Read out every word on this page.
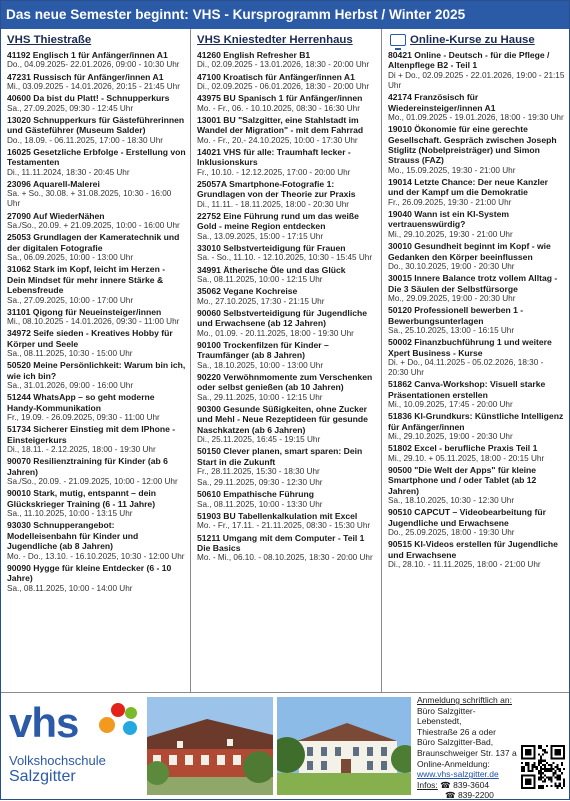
Das neue Semester beginnt: VHS - Kursprogramm Herbst / Winter 2025
VHS Thiestraße
41192 Englisch 1 für Anfänger/innen A1
Do., 04.09.2025- 22.01.2026, 09:00 - 10:30 Uhr
47231 Russisch für Anfänger/innen A1
Mi., 03.09.2025 - 14.01.2026, 20:15 - 21:45 Uhr
40600 Da bist du Platt! - Schnupperkurs
Sa., 27.09.2025, 09:30 - 12:45 Uhr
13020 Schnupperkurs für Gästeführerinnen und Gästeführer (Museum Salder)
Do., 18.09. - 06.11.2025, 17:00 - 18:30 Uhr
16025 Gesetzliche Erbfolge - Erstellung von Testamenten
Di., 11.11.2024, 18:30 - 20:45 Uhr
23096 Aquarell-Malerei
Sa. + So., 30.08. + 31.08.2025, 10:30 - 16:00 Uhr
27090 Auf WiederNähen
Sa./So., 20.09. + 21.09.2025, 10:00 - 16:00 Uhr
25053 Grundlagen der Kameratechnik und der digitalen Fotografie
Sa., 06.09.2025, 10:00 - 13:00 Uhr
31062 Stark im Kopf, leicht im Herzen - Dein Mindset für mehr innere Stärke & Lebensfreude
Sa., 27.09.2025, 10:00 - 17:00 Uhr
31101 Qigong für Neueinsteiger/innen
Mi., 08.10.2025 - 14.01.2026, 09:30 - 11:00 Uhr
34972 Seife sieden - Kreatives Hobby für Körper und Seele
Sa., 08.11.2025, 10:30 - 15:00 Uhr
50520 Meine Persönlichkeit: Warum bin ich, wie ich bin?
Sa., 31.01.2026, 09:00 - 16:00 Uhr
51244 WhatsApp – so geht moderne Handy-Kommunikation
Fr., 19.09. - 26.09.2025, 09:30 - 11:00 Uhr
51734 Sicherer Einstieg mit dem IPhone - Einsteigerkurs
Di., 18.11. - 2.12.2025, 18:00 - 19:30 Uhr
90070 Resilienztraining für Kinder (ab 6 Jahren)
Sa./So., 20.09. - 21.09.2025, 10:00 - 12:00 Uhr
90010 Stark, mutig, entspannt – dein Glückskrieger Training (6 - 11 Jahre)
Sa., 11.10.2025, 10:00 - 13:15 Uhr
93030 Schnupperangebot: Modelleisenbahn für Kinder und Jugendliche (ab 8 Jahren)
Mo. - Do., 13.10. - 16.10.2025, 10:30 - 12:00 Uhr
90090 Hygge für kleine Entdecker (6 - 10 Jahre)
Sa., 08.11.2025, 10:00 - 14:00 Uhr
VHS Kniestedter Herrenhaus
41260 English Refresher B1
Di., 02.09.2025 - 13.01.2026, 18:30 - 20:00 Uhr
47100 Kroatisch für Anfänger/innen A1
Di., 02.09.2025 - 06.01.2026, 18:30 - 20:00 Uhr
43975 BU Spanisch 1 für Anfänger/innen
Mo. - Fr., 06. - 10.10.2025, 08:30 - 16:30 Uhr
13001 BU "Salzgitter, eine Stahlstadt im Wandel der Migration" - mit dem Fahrrad
Mo. - Fr., 20.- 24.10.2025, 10:00 - 17:30 Uhr
14021 VHS für alle: Traumhaft lecker - Inklusionskurs
Fr., 10.10. - 12.12.2025, 17:00 - 20:00 Uhr
25057A Smartphone-Fotografie 1: Grundlagen von der Theorie zur Praxis
Di., 11.11. - 18.11.2025, 18:00 - 20:30 Uhr
22752 Eine Führung rund um das weiße Gold - meine Region entdecken
Sa., 13.09.2025, 15:00 - 17:15 Uhr
33010 Selbstverteidigung für Frauen
Sa. - So., 11.10. - 12.10.2025, 10:30 - 15:45 Uhr
34991 Ätherische Öle und das Glück
Sa., 08.11.2025, 10:00 - 12:15 Uhr
35062 Vegane Kochreise
Mo., 27.10.2025, 17:30 - 21:15 Uhr
90060 Selbstverteidigung für Jugendliche und Erwachsene (ab 12 Jahren)
Mo., 01.09. - 20.11.2025, 18:00 - 19:30 Uhr
90100 Trockenfilzen für Kinder – Traumfänger (ab 8 Jahren)
Sa., 18.10.2025, 10:00 - 13:00 Uhr
90220 Verwöhnmomente zum Verschenken oder selbst genießen (ab 10 Jahren)
Sa., 29.11.2025, 10:00 - 12:15 Uhr
90300 Gesunde Süßigkeiten, ohne Zucker und Mehl - Neue Rezeptideen für gesunde Naschkatzen (ab 6 Jahren)
Di., 25.11.2025, 16:45 - 19:15 Uhr
50150 Clever planen, smart sparen: Dein Start in die Zukunft
Fr., 28.11.2025, 15:30 - 18:30 Uhr
Sa., 29.11.2025, 09:30 - 12:30 Uhr
50610 Empathische Führung
Sa., 08.11.2025, 10:00 - 13:30 Uhr
51903 BU Tabellenkalkulation mit Excel
Mo. - Fr., 17.11. - 21.11.2025, 08:30 - 15:30 Uhr
51211 Umgang mit dem Computer - Teil 1 Die Basics
Mo. - Mi., 06.10. - 08.10.2025, 18:30 - 20:00 Uhr
Online-Kurse zu Hause
80421 Online - Deutsch - für die Pflege / Altenpflege B2 - Teil 1
Di + Do., 02.09.2025 - 22.01.2026, 19:00 - 21:15 Uhr
42174 Französisch für Wiedereinsteiger/innen A1
Mo., 01.09.2025 - 19.01.2026, 18:00 - 19:30 Uhr
19010 Ökonomie für eine gerechte Gesellschaft. Gespräch zwischen Joseph Stiglitz (Nobelpreisträger) und Simon Strauss (FAZ)
Mo., 15.09.2025, 19:30 - 21:00 Uhr
19014 Letzte Chance: Der neue Kanzler und der Kampf um die Demokratie
Fr., 26.09.2025, 19:30 - 21:00 Uhr
19040 Wann ist ein KI-System vertrauenswürdig?
Mi., 29.10.2025, 19:30 - 21:00 Uhr
30010 Gesundheit beginnt im Kopf - wie Gedanken den Körper beeinflussen
Do., 30.10.2025, 19:00 - 20:30 Uhr
30015 Innere Balance trotz vollem Alltag - Die 3 Säulen der Selbstfürsorge
Mo., 29.09.2025, 19:00 - 20:30 Uhr
50120 Professionell bewerben 1 - Bewerbungsunterlagen
Sa., 25.10.2025, 13:00 - 16:15 Uhr
50002 Finanzbuchführung 1 und weitere Xpert Business - Kurse
Di. + Do., 04.11.2025 - 05.02.2026, 18:30 - 20:30 Uhr
51862 Canva-Workshop: Visuell starke Präsentationen erstellen
Mi., 10.09.2025, 17:45 - 20:00 Uhr
51836 KI-Grundkurs: Künstliche Intelligenz für Anfänger/innen
Mi., 29.10.2025, 19:00 - 20:30 Uhr
51802 Excel - berufliche Praxis Teil 1
Mi., 29.10. + 05.11.2025, 18:00 - 20:15 Uhr
90500 "Die Welt der Apps" für kleine Smartphone und / oder Tablet (ab 12 Jahren)
Sa., 18.10.2025, 10:30 - 12:30 Uhr
90510 CAPCUT – Videobearbeitung für Jugendliche und Erwachsene
Do., 25.09.2025, 18:00 - 19:30 Uhr
90515 KI-Videos erstellen für Jugendliche und Erwachsene
Di., 28.10. - 11.11.2025, 18:00 - 21:00 Uhr
vhs
Volkshochschule
Salzgitter
Anmeldung schriftlich an:
Büro Salzgitter-Lebenstedt,
Thiestraße 26 a oder
Büro Salzgitter-Bad,
Braunschweiger Str. 137 a
Online-Anmeldung:
www.vhs-salzgitter.de
Infos: ☎ 839-3604
☎ 839-2200
